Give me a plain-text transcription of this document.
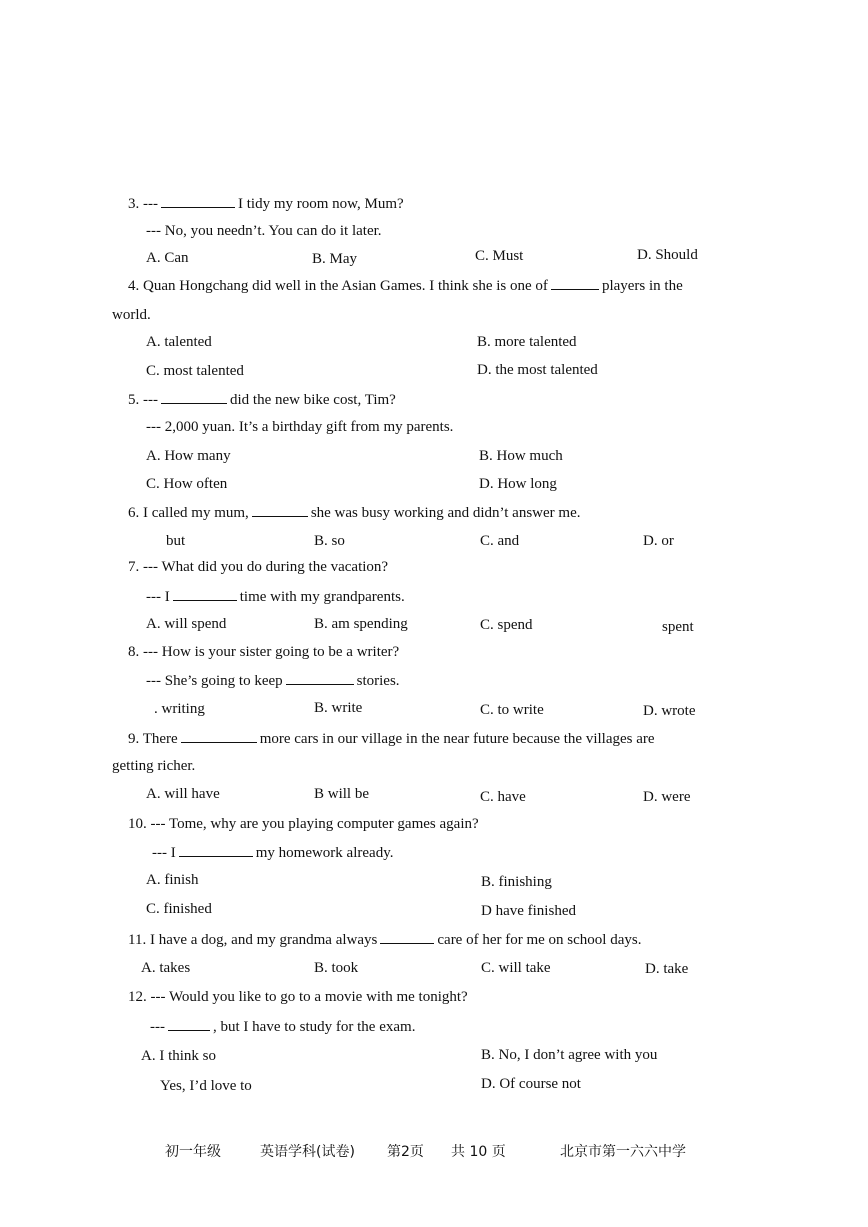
3. ---	I tidy my room now, Mum?
--- No, you needn’t. You can do it later.
A. Can	B. May	C. Must	D. Should
4. Quan Hongchang did well in the Asian Games. I think she is one of	players in the
world.
A. talented	B. more talented
C. most talented	D. the most talented
5. ---	did the new bike cost, Tim?
--- 2,000 yuan. It’s a birthday gift from my parents.
A. How many	B. How much
C. How often	D. How long
6. I called my mum,	she was busy working and didn’t answer me.
but	B. so	C. and	D. or
7. --- What did you do during the vacation?
--- I	time with my grandparents.
A. will spend	B. am spending	C. spend	spent
8. --- How is your sister going to be a writer?
--- She’s going to keep	stories.
. writing	B. write	C. to write	D. wrote
9. There	more cars in our village in the near future because the villages are
getting richer.
A. will have	B will be	C. have	D. were
10. --- Tome, why are you playing computer games again?
--- I	my homework already.
A. finish	B. finishing
C. finished	D have finished
11. I have a dog, and my grandma always	care of her for me on school days.
A. takes	B. took	C. will take	D. take
12. --- Would you like to go to a movie with me tonight?
---	, but I have to study for the exam.
A. I think so	B. No, I don’t agree with you
Yes, I’d love to	D. Of course not
初一年级	英语学科(试卷) 第2页 共 10 页	北京市第一六六中学
